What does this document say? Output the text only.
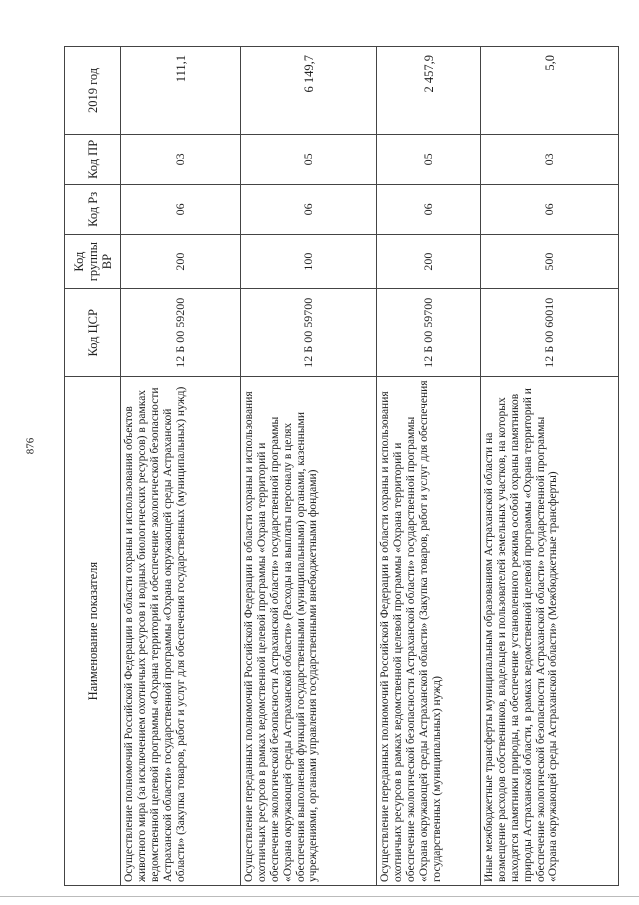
876
Наименование показателя	Код ЦСР	Код группы ВР	Код Рз	Код ПР	2019 год
Осуществление полномочий Российской Федерации в области охраны и использования объектов животного мира (за исключением охотничьих ресурсов и водных биологических ресурсов) в рамках ведомственной целевой программы «Охрана территорий и обеспечение экологической безопасности Астраханской области» государственной программы «Охрана окружающей среды Астраханской области» (Закупка товаров, работ и услуг для обеспечения государственных (муниципальных) нужд)	12 Б 00 59200	200	06	03	111,1
Осуществление переданных полномочий Российской Федерации в области охраны и использования охотничьих ресурсов в рамках ведомственной целевой программы «Охрана территорий и обеспечение экологической безопасности Астраханской области» государственной программы «Охрана окружающей среды Астраханской области» (Расходы на выплаты персоналу в целях обеспечения выполнения функций государственными (муниципальными) органами, казенными учреждениями, органами управления государственными внебюджетными фондами)	12 Б 00 59700	100	06	05	6 149,7
Осуществление переданных полномочий Российской Федерации в области охраны и использования охотничьих ресурсов в рамках ведомственной целевой программы «Охрана территорий и обеспечение экологической безопасности Астраханской области» государственной программы «Охрана окружающей среды Астраханской области» (Закупка товаров, работ и услуг для обеспечения государственных (муниципальных) нужд)	12 Б 00 59700	200	06	05	2 457,9
Иные межбюджетные трансферты муниципальным образованиям Астраханской области на возмещение расходов собственников, владельцев и пользователей земельных участков, на которых находятся памятники природы, на обеспечение установленного режима особой охраны памятников природы Астраханской области, в рамках ведомственной целевой программы «Охрана территорий и обеспечение экологической безопасности Астраханской области» государственной программы «Охрана окружающей среды Астраханской области» (Межбюджетные трансферты)	12 Б 00 60010	500	06	03	5,0
